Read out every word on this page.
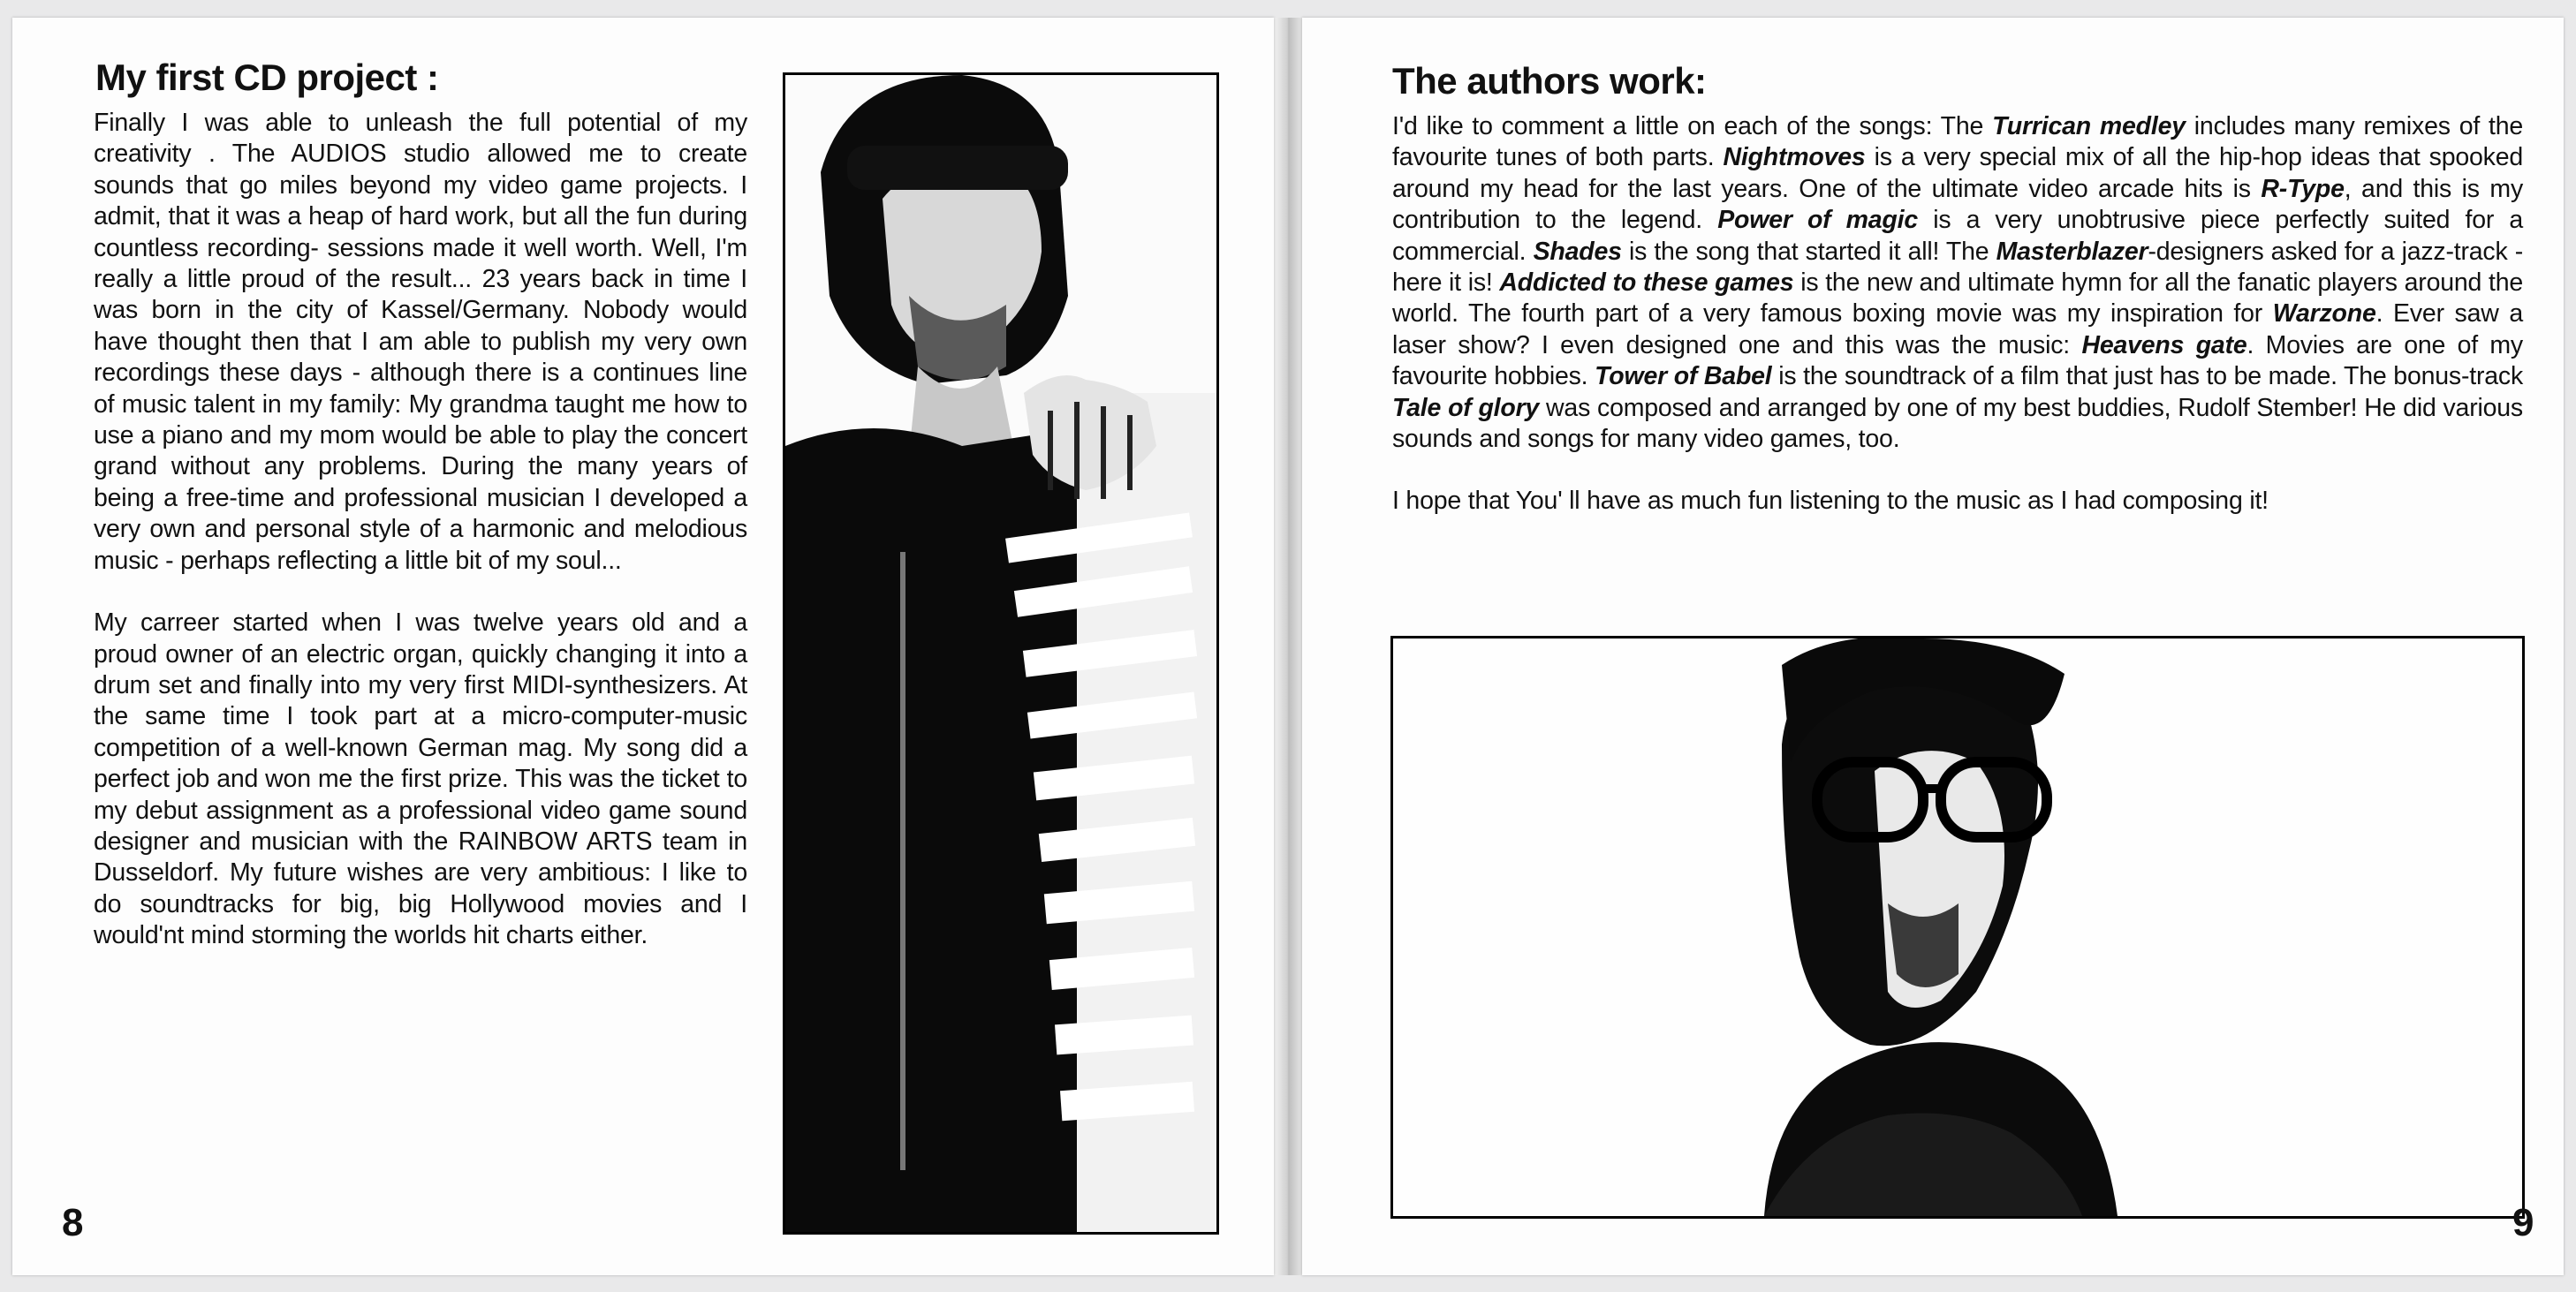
My first CD project :

Finally I was able to unleash the full potential of my creativity . The AUDIOS studio allowed me to create sounds that go miles beyond my video game projects. I admit, that it was a heap of hard work, but all the fun during countless recording- sessions made it well worth. Well, I'm really a little proud of the result... 23 years back in time I was born in the city of Kassel/Germany. Nobody would have thought then that I am able to publish my very own recordings these days - although there is a continues line of music talent in my family: My grandma taught me how to use a piano and my mom would be able to play the concert grand without any problems. During the many years of being a free-time and professional musician I developed a very own and personal style of a harmonic and melodious music - perhaps reflecting a little bit of my soul...

My carreer started when I was twelve years old and a proud owner of an electric organ, quickly changing it into a drum set and finally into my very first MIDI-synthesizers. At the same time I took part at a micro-computer-music competition of a well-known German mag. My song did a perfect job and won me the first prize. This was the ticket to my debut assignment as a professional video game sound designer and musician with the RAINBOW ARTS team in Dusseldorf. My future wishes are very ambitious: I like to do soundtracks for big, big Hollywood movies and I would'nt mind storming the worlds hit charts either.

8
The authors work:

I'd like to comment a little on each of the songs: The Turrican medley includes many remixes of the favourite tunes of both parts. Nightmoves is a very special mix of all the hip-hop ideas that spooked around my head for the last years. One of the ultimate video arcade hits is R-Type, and this is my contribution to the legend. Power of magic is a very unobtrusive piece perfectly suited for a commercial. Shades is the song that started it all! The Masterblazer-designers asked for a jazz-track - here it is! Addicted to these games is the new and ultimate hymn for all the fanatic players around the world. The fourth part of a very famous boxing movie was my inspiration for Warzone. Ever saw a laser show? I even designed one and this was the music: Heavens gate. Movies are one of my favourite hobbies. Tower of Babel is the soundtrack of a film that just has to be made. The bonus-track Tale of glory was composed and arranged by one of my best buddies, Rudolf Stember! He did various sounds and songs for many video games, too.

I hope that You' ll have as much fun listening to the music as I had composing it!

9
